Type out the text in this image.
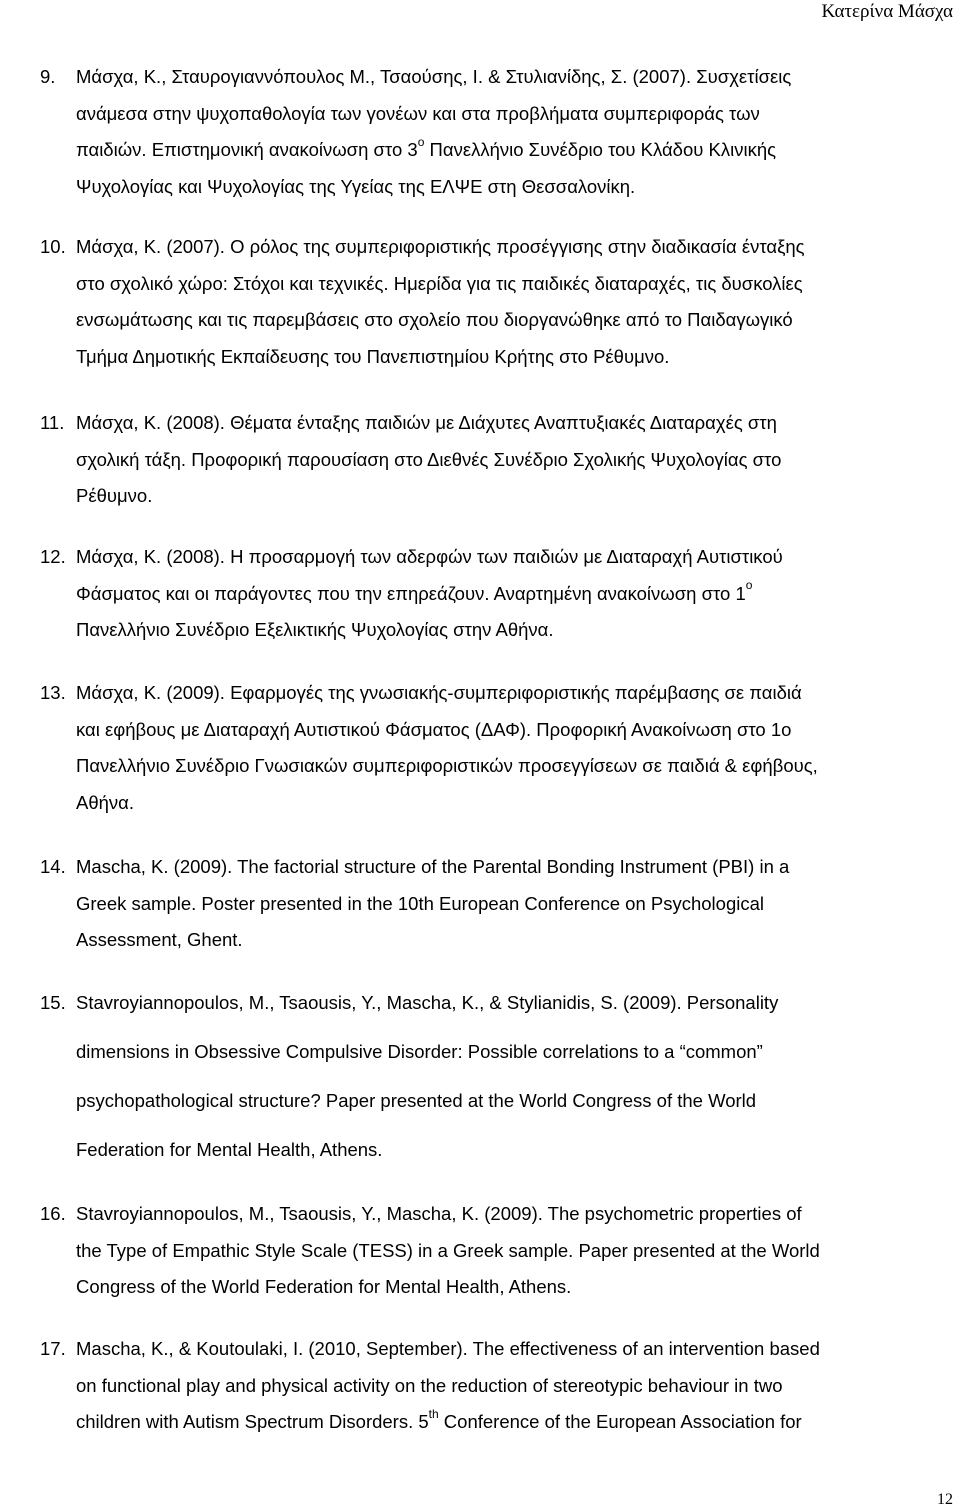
Κατερίνα Μάσχα
9. Μάσχα, Κ., Σταυρογιαννόπουλος Μ., Τσαούσης, Ι. & Στυλιανίδης, Σ. (2007). Συσχετίσεις
ανάμεσα στην ψυχοπαθολογία των γονέων και στα προβλήματα συμπεριφοράς των
παιδιών. Επιστημονική ανακοίνωση στο $3^o$ Πανελλήνιο Συνέδριο του Κλάδου Κλινικής
Ψυχολογίας και Ψυχολογίας της Υγείας της ΕΛΨΕ στη Θεσσαλονίκη.
10. Μάσχα, Κ. (2007). Ο ρόλος της συμπεριφοριστικής προσέγγισης στην διαδικασία ένταξης
στο σχολικό χώρο: Στόχοι και τεχνικές. Ημερίδα για τις παιδικές διαταραχές, τις δυσκολίες
ενσωμάτωσης και τις παρεμβάσεις στο σχολείο που διοργανώθηκε από το Παιδαγωγικό
Τμήμα Δημοτικής Εκπαίδευσης του Πανεπιστημίου Κρήτης στο Ρέθυμνο.
11. Μάσχα, Κ. (2008). Θέματα ένταξης παιδιών με Διάχυτες Αναπτυξιακές Διαταραχές στη
σχολική τάξη. Προφορική παρουσίαση στο Διεθνές Συνέδριο Σχολικής Ψυχολογίας στο
Ρέθυμνο.
12. Μάσχα, Κ. (2008). Η προσαρμογή των αδερφών των παιδιών με Διαταραχή Αυτιστικού
Φάσματος και οι παράγοντες που την επηρεάζουν. Αναρτημένη ανακοίνωση στο $1^o$
Πανελλήνιο Συνέδριο Εξελικτικής Ψυχολογίας στην Αθήνα.
13. Μάσχα, Κ. (2009). Εφαρμογές της γνωσιακής-συμπεριφοριστικής παρέμβασης σε παιδιά
και εφήβους με Διαταραχή Αυτιστικού Φάσματος (ΔΑΦ). Προφορική Ανακοίνωση στο 1ο
Πανελλήνιο Συνέδριο Γνωσιακών συμπεριφοριστικών προσεγγίσεων σε παιδιά & εφήβους,
Αθήνα.
14. Mascha, K. (2009). The factorial structure of the Parental Bonding Instrument (PBI) in a
Greek sample. Poster presented in the 10th European Conference on Psychological
Assessment, Ghent.
15. Stavroyiannopoulos, M., Tsaousis, Y., Mascha, K., & Stylianidis, S. (2009). Personality
dimensions in Obsessive Compulsive Disorder: Possible correlations to a “common”
psychopathological structure? Paper presented at the World Congress of the World
Federation for Mental Health, Athens.
16. Stavroyiannopoulos, M., Tsaousis, Y., Mascha, K. (2009). The psychometric properties of
the Type of Empathic Style Scale (TESS) in a Greek sample. Paper presented at the World
Congress of the World Federation for Mental Health, Athens.
17. Mascha, K., & Koutoulaki, I. (2010, September). The effectiveness of an intervention based
on functional play and physical activity on the reduction of stereotypic behaviour in two
children with Autism Spectrum Disorders. 5th Conference of the European Association for
12
